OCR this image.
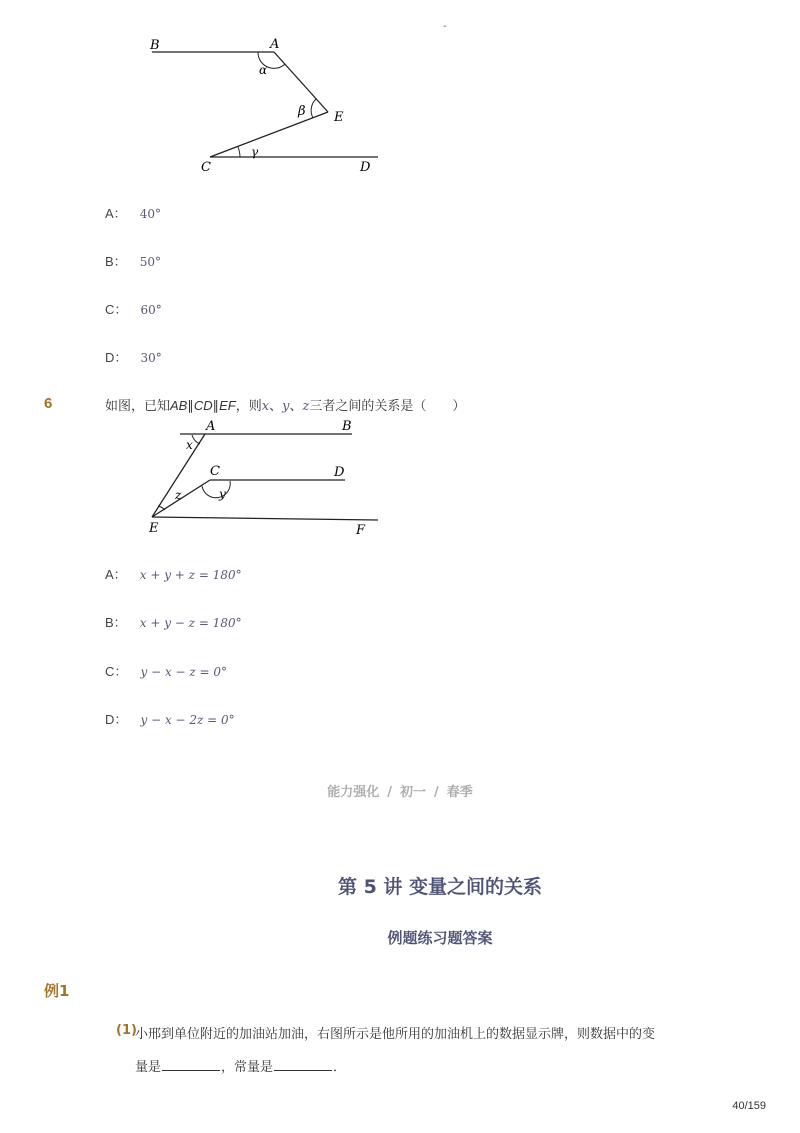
-
B	A
α
β E
C
γ
D
A： 40°
B： 50°
C： 60°
D： 30°
6	如图，已知AB∥CD∥EF，则x、y、z三者之间的关系是（　　）
A	B
x
C	D
z	y
E	F
A： x + y + z = 180°
B： x + y − z = 180°
C： y − x − z = 0°
D： y − x − 2z = 0°
能力强化 / 初一 / 春季
第 5 讲 变量之间的关系
例题练习题答案
例1
(1)
小邢到单位附近的加油站加油，右图所示是他所用的加油机上的数据显示牌，则数据中的变
量是	，常量是	．
40/159
